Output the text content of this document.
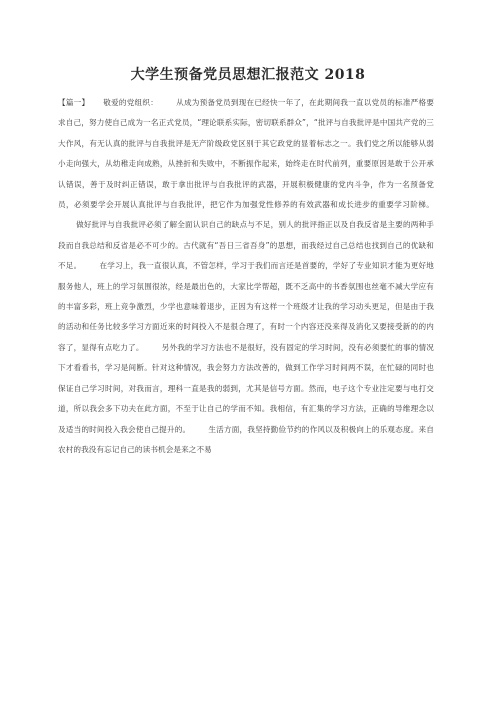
大学生预备党员思想汇报范文 2018
【篇一】 敬爱的党组织： 从成为预备党员到现在已经快一年了，在此期间我一直以党员的标准严格要求自己，努力使自己成为一名正式党员，“理论联系实际，密切联系群众”，“批评与自我批评是中国共产党的三大作风，有无认真的批评与自我批评是无产阶级政党区别于其它政党的显着标志之一。我们党之所以能够从弱小走向强大，从幼稚走向成熟，从挫折和失败中，不断振作起来，始终走在时代前列，重要原因是敢于公开承认错误，善于及时纠正错误，敢于拿出批评与自我批评的武器，开展积极健康的党内斗争，作为一名预备党员，必须要学会开展认真批评与自我批评，把它作为加强党性修养的有效武器和成长进步的重要学习阶梯。做好批评与自我批评必须了解全面认识自己的缺点与不足，别人的批评指正以及自我反省是主要的两种手段而自我总结和反省是必不可少的。古代就有“吾日三省吾身”的思想，而我经过自己总结也找到自己的优缺和不足。 在学习上，我一直很认真，不管怎样，学习于我们而言还是首要的，学好了专业知识才能为更好地服务他人，班上的学习氛围很浓，经是最出色的，大家比学帮超，既不乏高中的书香氛围也丝毫不减大学应有的丰富多彩，班上竞争激烈，少学也意味着退步，正因为有这样一个班级才让我的学习动头更足，但是由于我的活动和任务比较多学习方面近來的时间投入不是很合理了，有时一个内容还没来得及消化又要接受新的的内容了，显得有点吃力了。 另外我的学习方法也不是很好，没有固定的学习时间，没有必须要忙的事的情况下才看看书，学习是间断。针对这种情况，我会努力方法改善的，做到工作学习时间两不误，在忙碌的同时也保证自己学习时间，对我而言，理科一直是我的弱到，尤其是信号方面。然而，电子这个专业注定要与电打交道，所以我会多下功夫在此方面，不至于让自己的学而不知。我相信，有汇集的学习方法，正确的导维理念以及适当的时间投入我会使自己提升的。 生活方面，我坚持勤俭节约的作风以及积极向上的乐观态度。来自农村的我没有忘记自己的读书机会是来之不易
